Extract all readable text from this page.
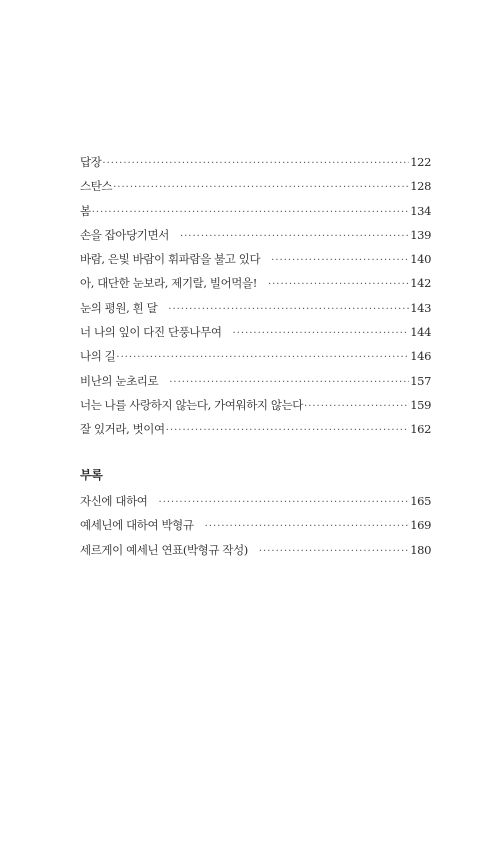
답장 ·····	122
스탄스 ·····	128
봄 ·····	134
손을 잡아당기면서 ·····	139
바람, 은빛 바람이 휘파람을 불고 있다 ·····	140
아, 대단한 눈보라, 제기랄, 빌어먹을! ·····	142
눈의 평원, 흰 달 ·····	143
너 나의 잎이 다진 단풍나무여 ·····	144
나의 길 ·····	146
비난의 눈초리로 ·····	157
너는 나를 사랑하지 않는다, 가여워하지 않는다 ·····	159
잘 있거라, 벗이여 ·····	162
부록
자신에 대하여 ·····	165
예세닌에 대하여 박형규 ·····	169
세르게이 예세닌 연표(박형규 작성) ·····	180
